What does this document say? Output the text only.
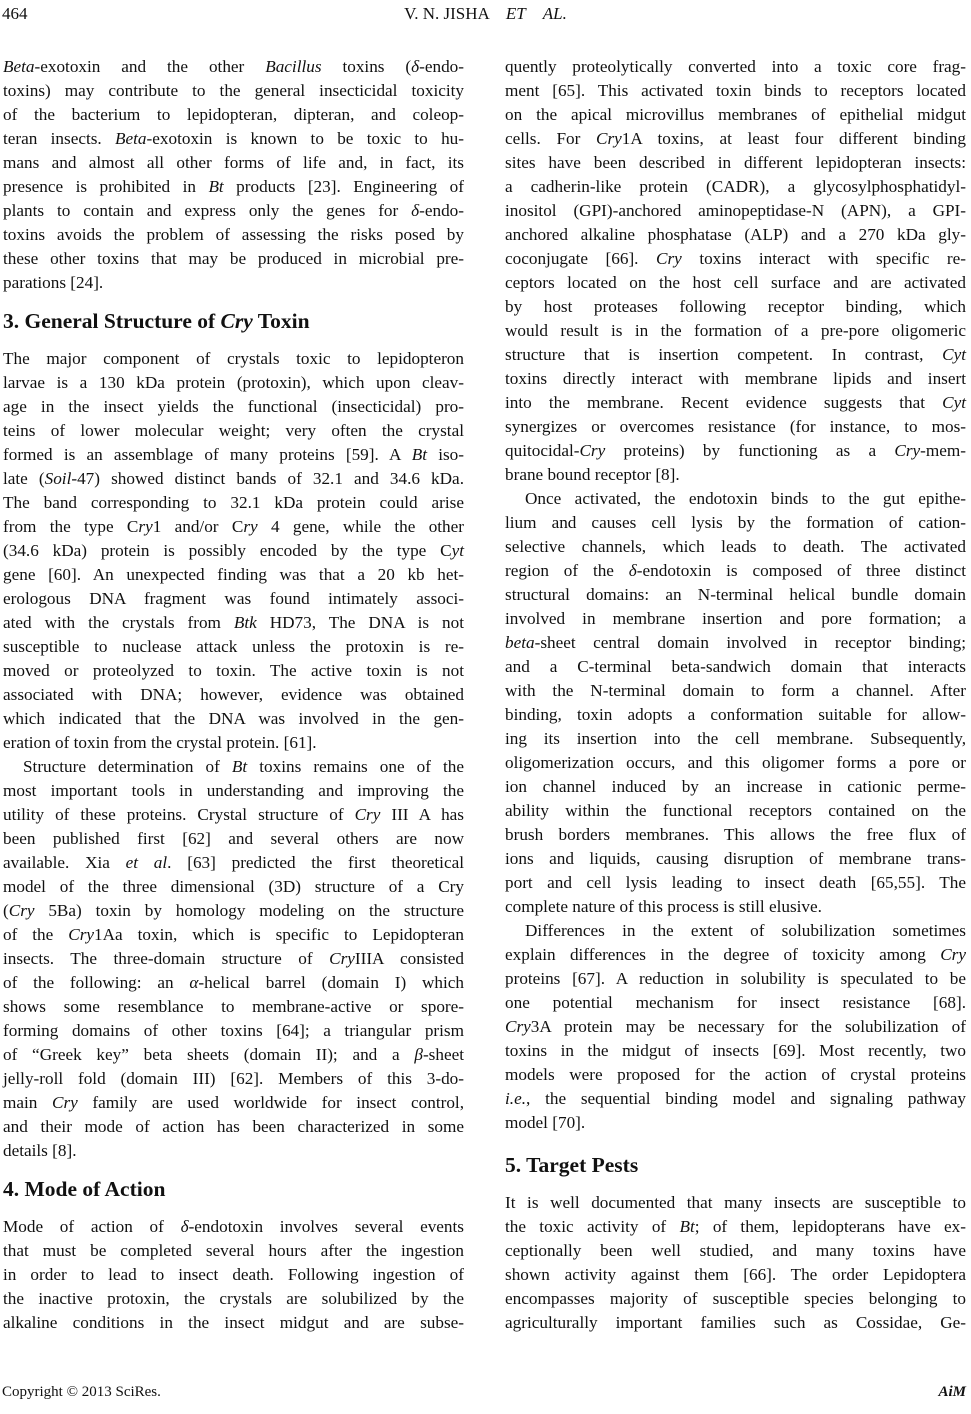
464	V. N. JISHA ET AL.
Beta-exotoxin and the other Bacillus toxins (δ-endo-
toxins) may contribute to the general insecticidal toxicity
of the bacterium to lepidopteran, dipteran, and coleop-
teran insects. Beta-exotoxin is known to be toxic to hu-
mans and almost all other forms of life and, in fact, its
presence is prohibited in Bt products [23]. Engineering of
plants to contain and express only the genes for δ-endo-
toxins avoids the problem of assessing the risks posed by
these other toxins that may be produced in microbial pre-
parations [24].
3. General Structure of Cry Toxin
The major component of crystals toxic to lepidopteron
larvae is a 130 kDa protein (protoxin), which upon cleav-
age in the insect yields the functional (insecticidal) pro-
teins of lower molecular weight; very often the crystal
formed is an assemblage of many proteins [59]. A Bt iso-
late (Soil-47) showed distinct bands of 32.1 and 34.6 kDa.
The band corresponding to 32.1 kDa protein could arise
from the type Cry1 and/or Cry 4 gene, while the other
(34.6 kDa) protein is possibly encoded by the type Cyt
gene [60]. An unexpected finding was that a 20 kb het-
erologous DNA fragment was found intimately associ-
ated with the crystals from Btk HD73, The DNA is not
susceptible to nuclease attack unless the protoxin is re-
moved or proteolyzed to toxin. The active toxin is not
associated with DNA; however, evidence was obtained
which indicated that the DNA was involved in the gen-
eration of toxin from the crystal protein. [61].
Structure determination of Bt toxins remains one of the
most important tools in understanding and improving the
utility of these proteins. Crystal structure of Cry III A has
been published first [62] and several others are now
available. Xia et al. [63] predicted the first theoretical
model of the three dimensional (3D) structure of a Cry
(Cry 5Ba) toxin by homology modeling on the structure
of the Cry1Aa toxin, which is specific to Lepidopteran
insects. The three-domain structure of CryIIIA consisted
of the following: an α-helical barrel (domain I) which
shows some resemblance to membrane-active or spore-
forming domains of other toxins [64]; a triangular prism
of “Greek key” beta sheets (domain II); and a β-sheet
jelly-roll fold (domain III) [62]. Members of this 3-do-
main Cry family are used worldwide for insect control,
and their mode of action has been characterized in some
details [8].
4. Mode of Action
Mode of action of δ-endotoxin involves several events
that must be completed several hours after the ingestion
in order to lead to insect death. Following ingestion of
the inactive protoxin, the crystals are solubilized by the
alkaline conditions in the insect midgut and are subse-
quently proteolytically converted into a toxic core frag-
ment [65]. This activated toxin binds to receptors located
on the apical microvillus membranes of epithelial midgut
cells. For Cry1A toxins, at least four different binding
sites have been described in different lepidopteran insects:
a cadherin-like protein (CADR), a glycosylphosphatidyl-
inositol (GPI)-anchored aminopeptidase-N (APN), a GPI-
anchored alkaline phosphatase (ALP) and a 270 kDa gly-
coconjugate [66]. Cry toxins interact with specific re-
ceptors located on the host cell surface and are activated
by host proteases following receptor binding, which
would result is in the formation of a pre-pore oligomeric
structure that is insertion competent. In contrast, Cyt
toxins directly interact with membrane lipids and insert
into the membrane. Recent evidence suggests that Cyt
synergizes or overcomes resistance (for instance, to mos-
quitocidal-Cry proteins) by functioning as a Cry-mem-
brane bound receptor [8].
Once activated, the endotoxin binds to the gut epithe-
lium and causes cell lysis by the formation of cation-
selective channels, which leads to death. The activated
region of the δ-endotoxin is composed of three distinct
structural domains: an N-terminal helical bundle domain
involved in membrane insertion and pore formation; a
beta-sheet central domain involved in receptor binding;
and a C-terminal beta-sandwich domain that interacts
with the N-terminal domain to form a channel. After
binding, toxin adopts a conformation suitable for allow-
ing its insertion into the cell membrane. Subsequently,
oligomerization occurs, and this oligomer forms a pore or
ion channel induced by an increase in cationic perme-
ability within the functional receptors contained on the
brush borders membranes. This allows the free flux of
ions and liquids, causing disruption of membrane trans-
port and cell lysis leading to insect death [65,55]. The
complete nature of this process is still elusive.
Differences in the extent of solubilization sometimes
explain differences in the degree of toxicity among Cry
proteins [67]. A reduction in solubility is speculated to be
one potential mechanism for insect resistance [68].
Cry3A protein may be necessary for the solubilization of
toxins in the midgut of insects [69]. Most recently, two
models were proposed for the action of crystal proteins
i.e., the sequential binding model and signaling pathway
model [70].
5. Target Pests
It is well documented that many insects are susceptible to
the toxic activity of Bt; of them, lepidopterans have ex-
ceptionally been well studied, and many toxins have
shown activity against them [66]. The order Lepidoptera
encompasses majority of susceptible species belonging to
agriculturally important families such as Cossidae, Ge-
Copyright © 2013 SciRes.	AiM
